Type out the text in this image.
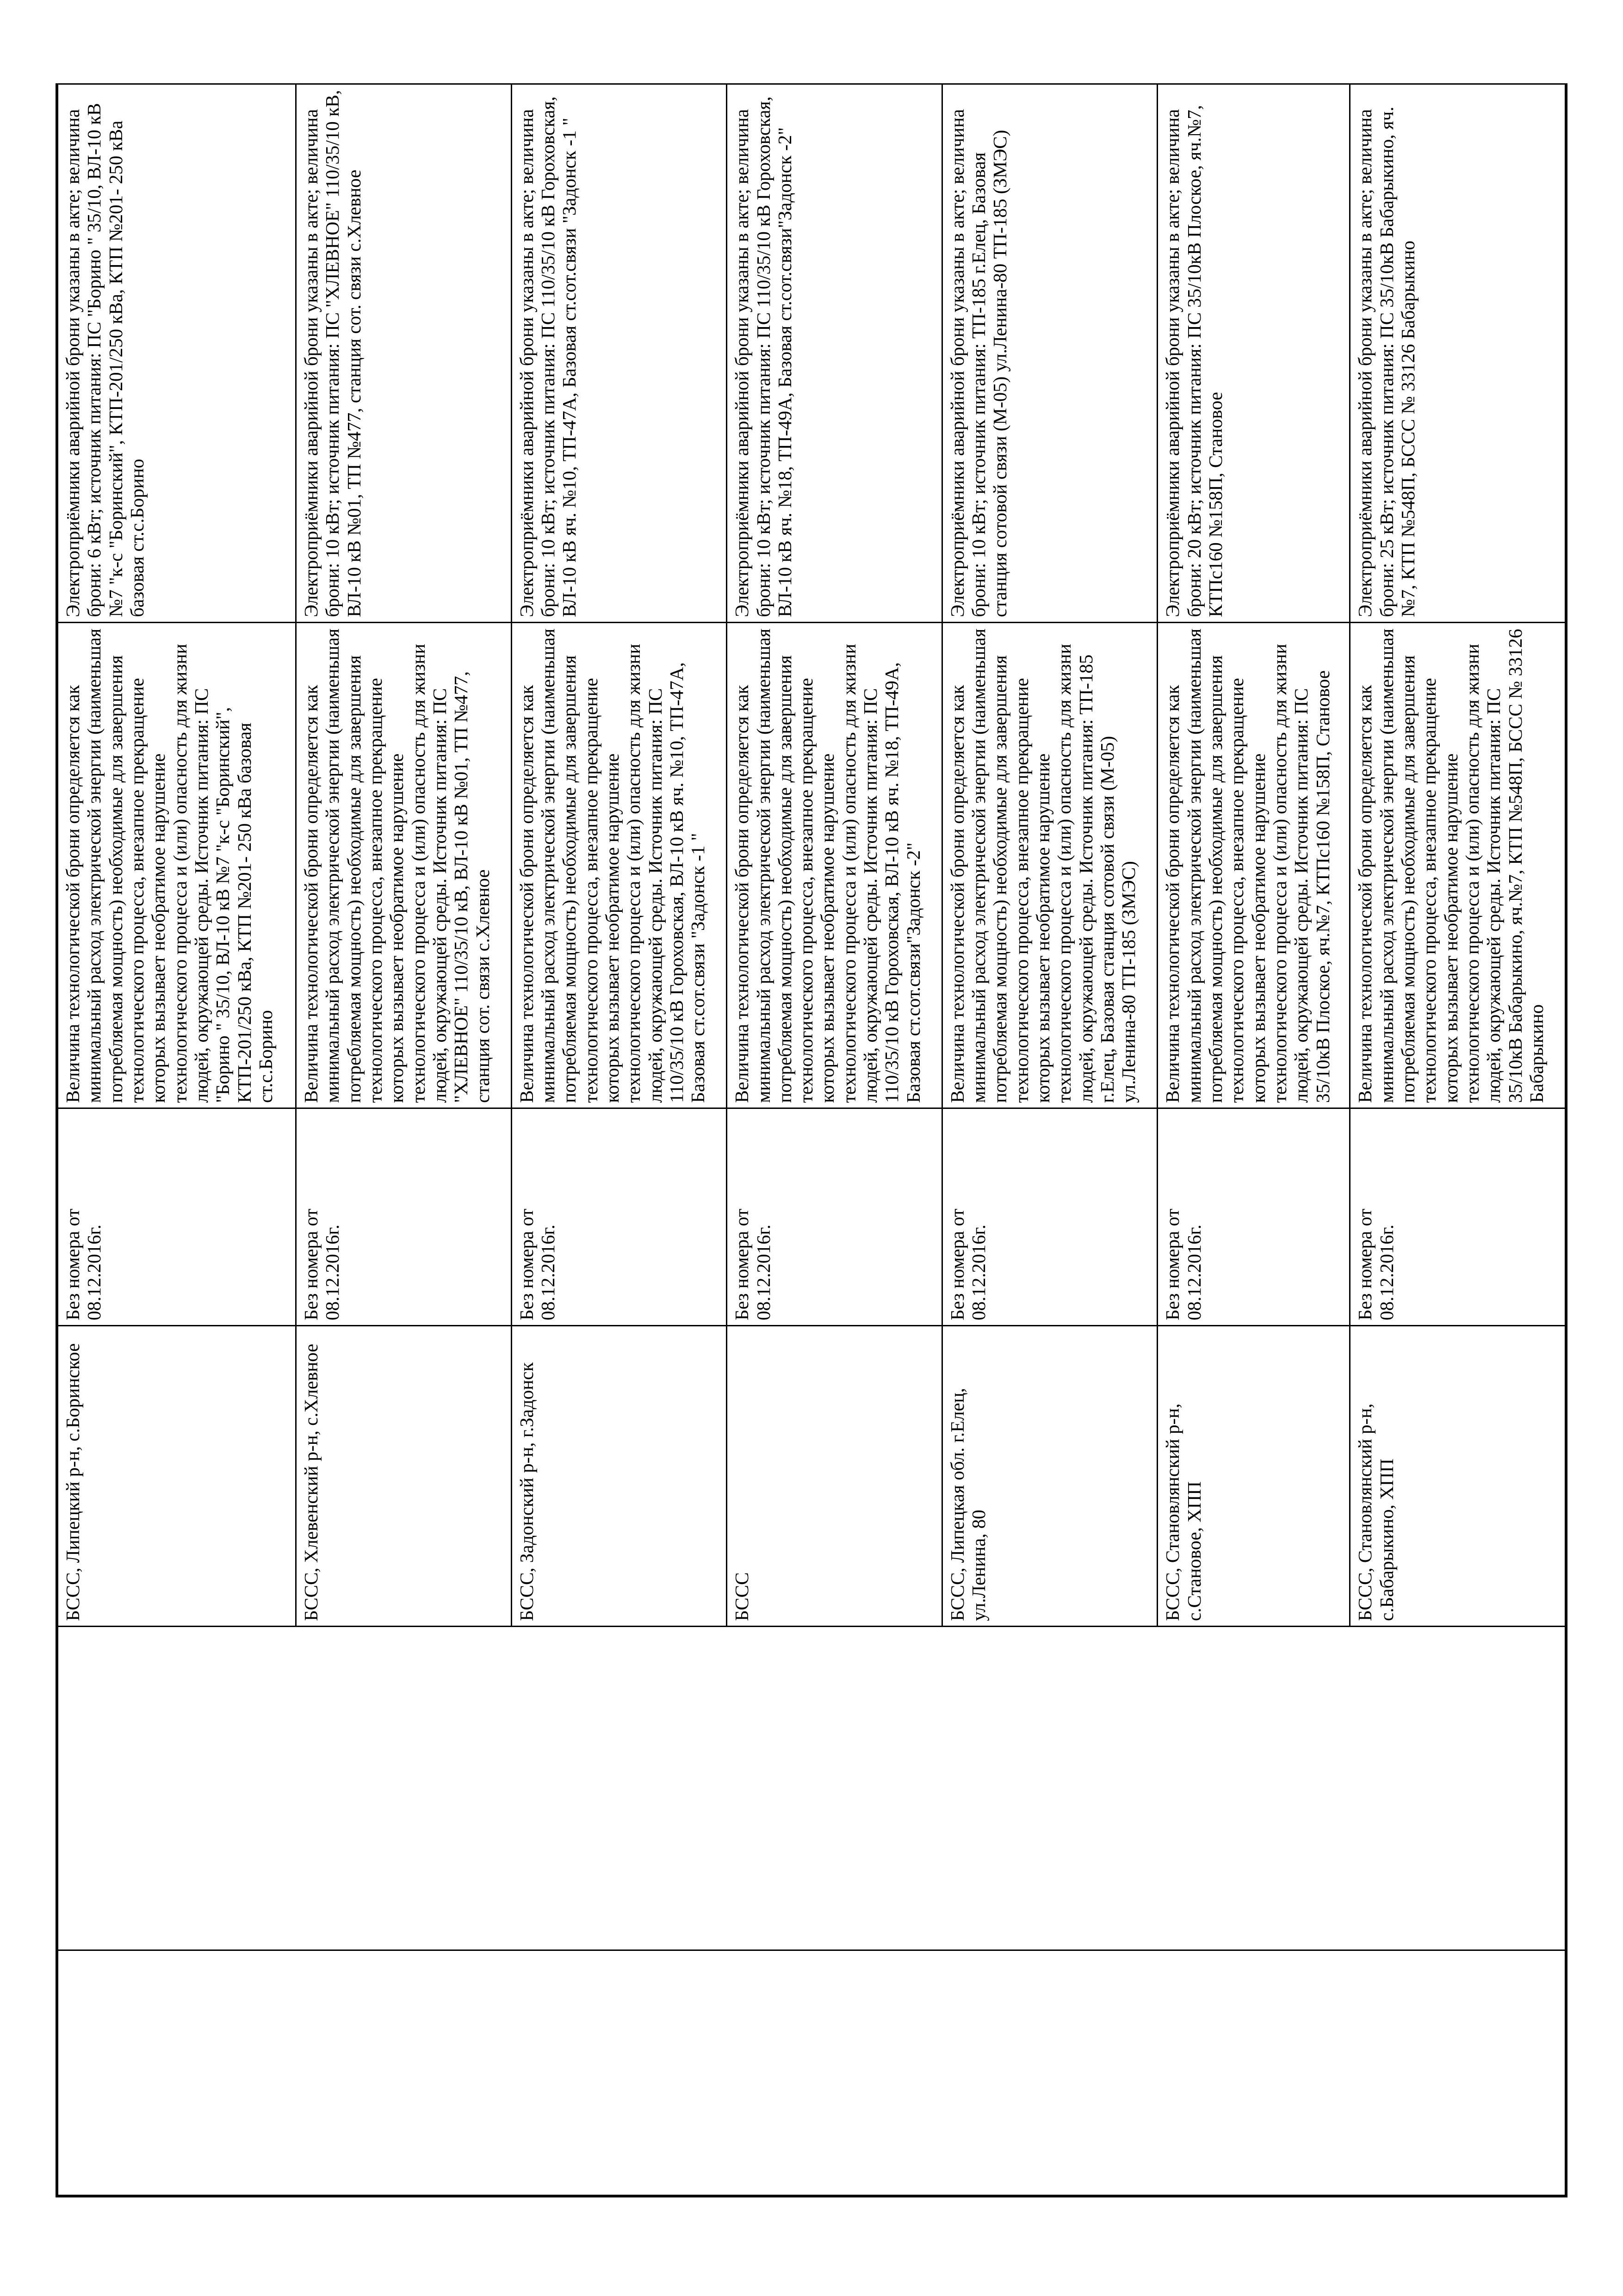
		БССС, Липецкий р-н, с.Боринское	Без номера от 08.12.2016г.	Величина технологической брони определяется как минимальный расход электрической энергии (наименьшая потребляемая мощность) необходимые для завершения технологического процесса, внезапное прекращение которых вызывает необратимое нарушение технологического процесса и (или) опасность для жизни людей, окружающей среды. Источник питания: ПС "Борино " 35/10, ВЛ-10 кВ №7 "к-с "Боринский", КТП-201/250 кВа, КТП №201- 250 кВа базовая ст.с.Борино	Электроприёмники аварийной брони указаны в акте; величина брони: 6 кВт; источник питания: ПС "Борино " 35/10, ВЛ-10 кВ №7 "к-с "Боринский", КТП-201/250 кВа, КТП №201- 250 кВа базовая ст.с.Борино
		БССС, Хлевенский р-н, с.Хлевное	Без номера от 08.12.2016г.	Величина технологической брони определяется как минимальный расход электрической энергии (наименьшая потребляемая мощность) необходимые для завершения технологического процесса, внезапное прекращение которых вызывает необратимое нарушение технологического процесса и (или) опасность для жизни людей, окружающей среды. Источник питания: ПС "ХЛЕВНОЕ" 110/35/10 кВ, ВЛ-10 кВ №01, ТП №477, станция сот. связи с.Хлевное	Электроприёмники аварийной брони указаны в акте; величина брони: 10 кВт; источник питания: ПС "ХЛЕВНОЕ" 110/35/10 кВ, ВЛ-10 кВ №01, ТП №477, станция сот. связи с.Хлевное
		БССС, Задонский р-н, г.Задонск	Без номера от 08.12.2016г.	Величина технологической брони определяется как минимальный расход электрической энергии (наименьшая потребляемая мощность) необходимые для завершения технологического процесса, внезапное прекращение которых вызывает необратимое нарушение технологического процесса и (или) опасность для жизни людей, окружающей среды. Источник питания: ПС 110/35/10 кВ Гороховская, ВЛ-10 кВ яч. №10, ТП-47А, Базовая ст.сот.связи "Задонск -1 "	Электроприёмники аварийной брони указаны в акте; величина брони: 10 кВт; источник питания: ПС 110/35/10 кВ Гороховская, ВЛ-10 кВ яч. №10, ТП-47А, Базовая ст.сот.связи "Задонск -1 "
		БССС	Без номера от 08.12.2016г.	Величина технологической брони определяется как минимальный расход электрической энергии (наименьшая потребляемая мощность) необходимые для завершения технологического процесса, внезапное прекращение которых вызывает необратимое нарушение технологического процесса и (или) опасность для жизни людей, окружающей среды. Источник питания: ПС 110/35/10 кВ Гороховская, ВЛ-10 кВ яч. №18, ТП-49А, Базовая ст.сот.связи"Задонск -2"	Электроприёмники аварийной брони указаны в акте; величина брони: 10 кВт; источник питания: ПС 110/35/10 кВ Гороховская, ВЛ-10 кВ яч. №18, ТП-49А, Базовая ст.сот.связи"Задонск -2"
		БССС, Липецкая обл. г.Елец, ул.Ленина, 80	Без номера от 08.12.2016г.	Величина технологической брони определяется как минимальный расход электрической энергии (наименьшая потребляемая мощность) необходимые для завершения технологического процесса, внезапное прекращение которых вызывает необратимое нарушение технологического процесса и (или) опасность для жизни людей, окружающей среды. Источник питания: ТП-185 г.Елец, Базовая станция сотовой связи (М-05) ул.Ленина-80 ТП-185 (ЗМЭС)	Электроприёмники аварийной брони указаны в акте; величина брони: 10 кВт; источник питания: ТП-185 г.Елец, Базовая станция сотовой связи (М-05) ул.Ленина-80 ТП-185 (ЗМЭС)
		БССС, Становлянский р-н, с.Становое, ХПП	Без номера от 08.12.2016г.	Величина технологической брони определяется как минимальный расход электрической энергии (наименьшая потребляемая мощность) необходимые для завершения технологического процесса, внезапное прекращение которых вызывает необратимое нарушение технологического процесса и (или) опасность для жизни людей, окружающей среды. Источник питания: ПС 35/10кВ Плоское, яч.№7, КТПс160 №158П, Становое	Электроприёмники аварийной брони указаны в акте; величина брони: 20 кВт; источник питания: ПС 35/10кВ Плоское, яч.№7, КТПс160 №158П, Становое
		БССС, Становлянский р-н, с.Бабарыкино, ХПП	Без номера от 08.12.2016г.	Величина технологической брони определяется как минимальный расход электрической энергии (наименьшая потребляемая мощность) необходимые для завершения технологического процесса, внезапное прекращение которых вызывает необратимое нарушение технологического процесса и (или) опасность для жизни людей, окружающей среды. Источник питания: ПС 35/10кВ Бабарыкино, яч.№7, КТП №548П, БССС № 33126 Бабарыкино	Электроприёмники аварийной брони указаны в акте; величина брони: 25 кВт; источник питания: ПС 35/10кВ Бабарыкино, яч.№7, КТП №548П, БССС № 33126 Бабарыкино
